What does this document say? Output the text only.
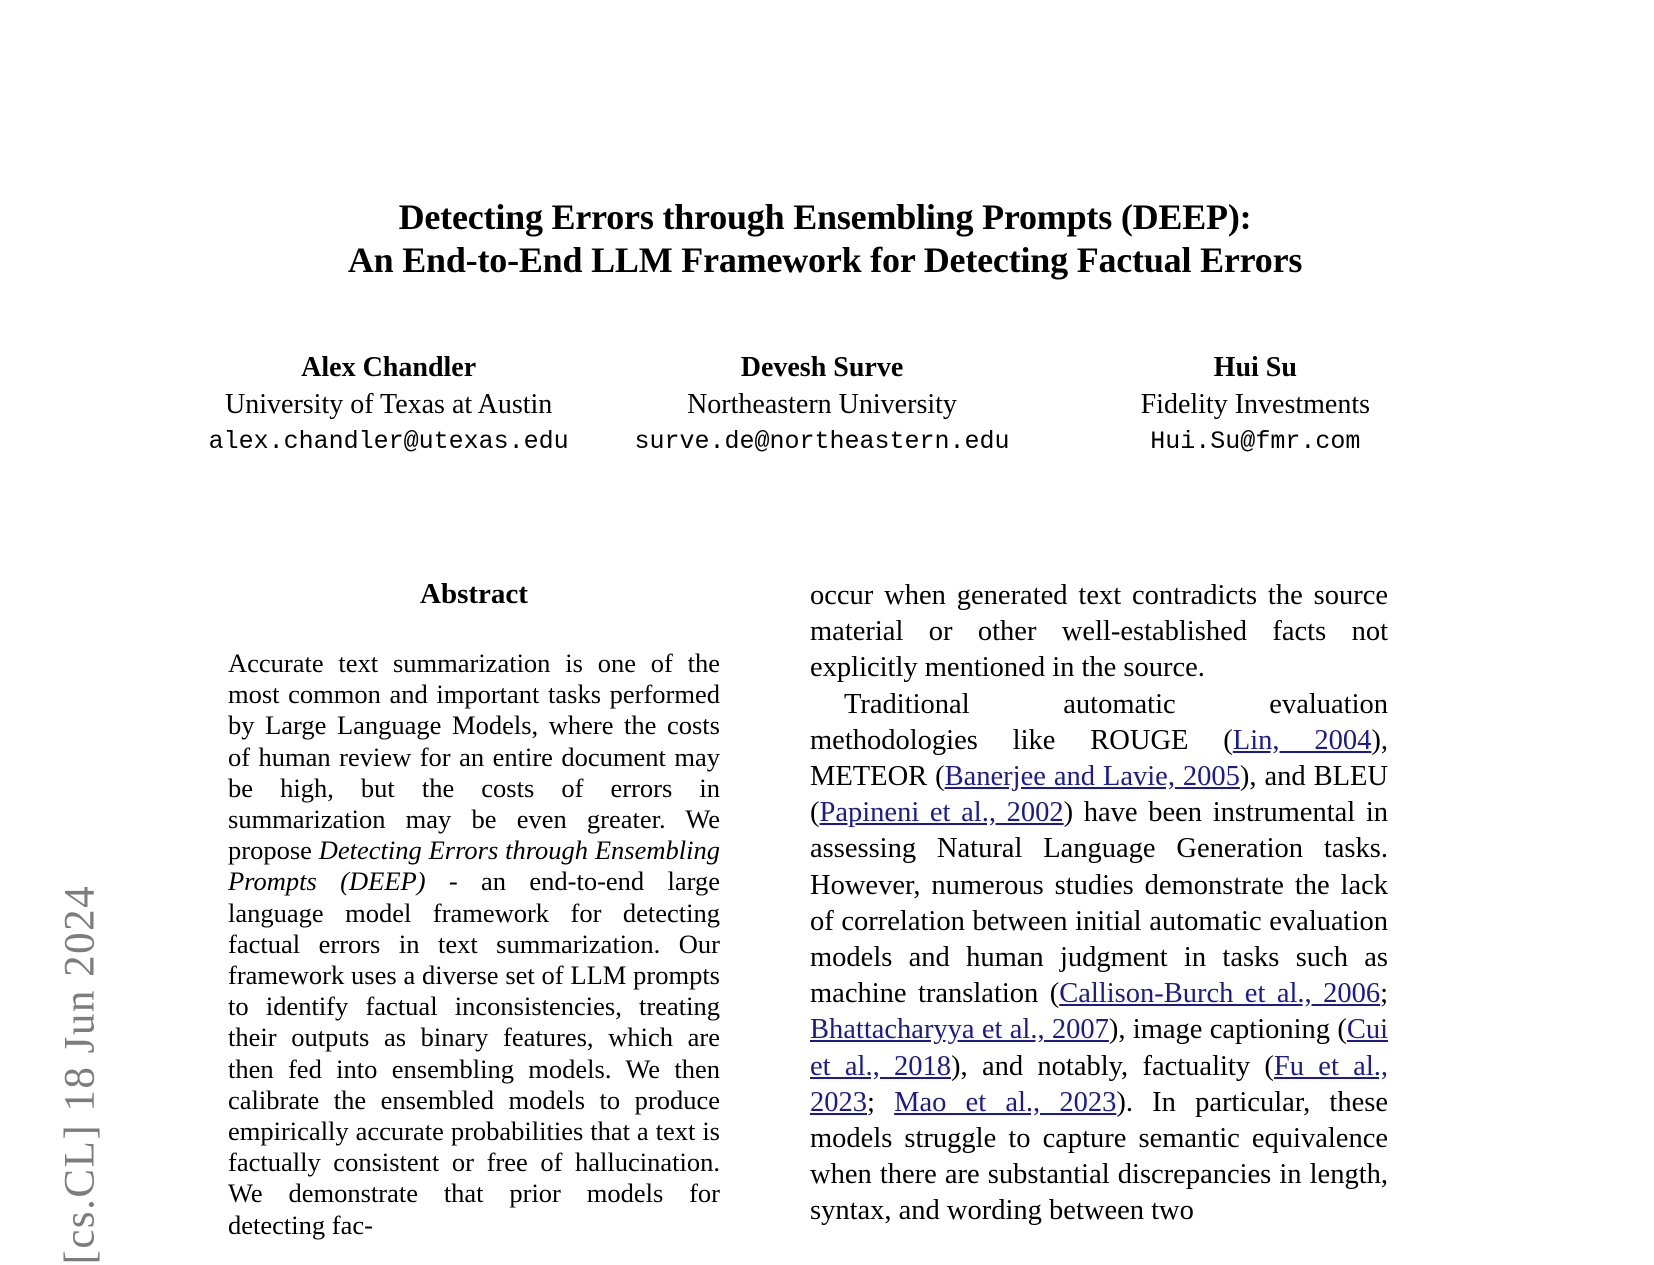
[cs.CL] 18 Jun 2024
Detecting Errors through Ensembling Prompts (DEEP):
An End-to-End LLM Framework for Detecting Factual Errors
Alex Chandler
University of Texas at Austin
alex.chandler@utexas.edu
Devesh Surve
Northeastern University
surve.de@northeastern.edu
Hui Su
Fidelity Investments
Hui.Su@fmr.com
Abstract

Accurate text summarization is one of the most common and important tasks performed by Large Language Models, where the costs of human review for an entire document may be high, but the costs of errors in summarization may be even greater. We propose Detecting Errors through Ensembling Prompts (DEEP) - an end-to-end large language model framework for detecting factual errors in text summarization. Our framework uses a diverse set of LLM prompts to identify factual inconsistencies, treating their outputs as binary features, which are then fed into ensembling models. We then calibrate the ensembled models to produce empirically accurate probabilities that a text is factually consistent or free of hallucination. We demonstrate that prior models for detecting fac-

occur when generated text contradicts the source material or other well-established facts not explicitly mentioned in the source.

Traditional automatic evaluation methodologies like ROUGE (Lin, 2004), METEOR (Banerjee and Lavie, 2005), and BLEU (Papineni et al., 2002) have been instrumental in assessing Natural Language Generation tasks. However, numerous studies demonstrate the lack of correlation between initial automatic evaluation models and human judgment in tasks such as machine translation (Callison-Burch et al., 2006; Bhattacharyya et al., 2007), image captioning (Cui et al., 2018), and notably, factuality (Fu et al., 2023; Mao et al., 2023). In particular, these models struggle to capture semantic equivalence when there are substantial discrepancies in length, syntax, and wording between two
